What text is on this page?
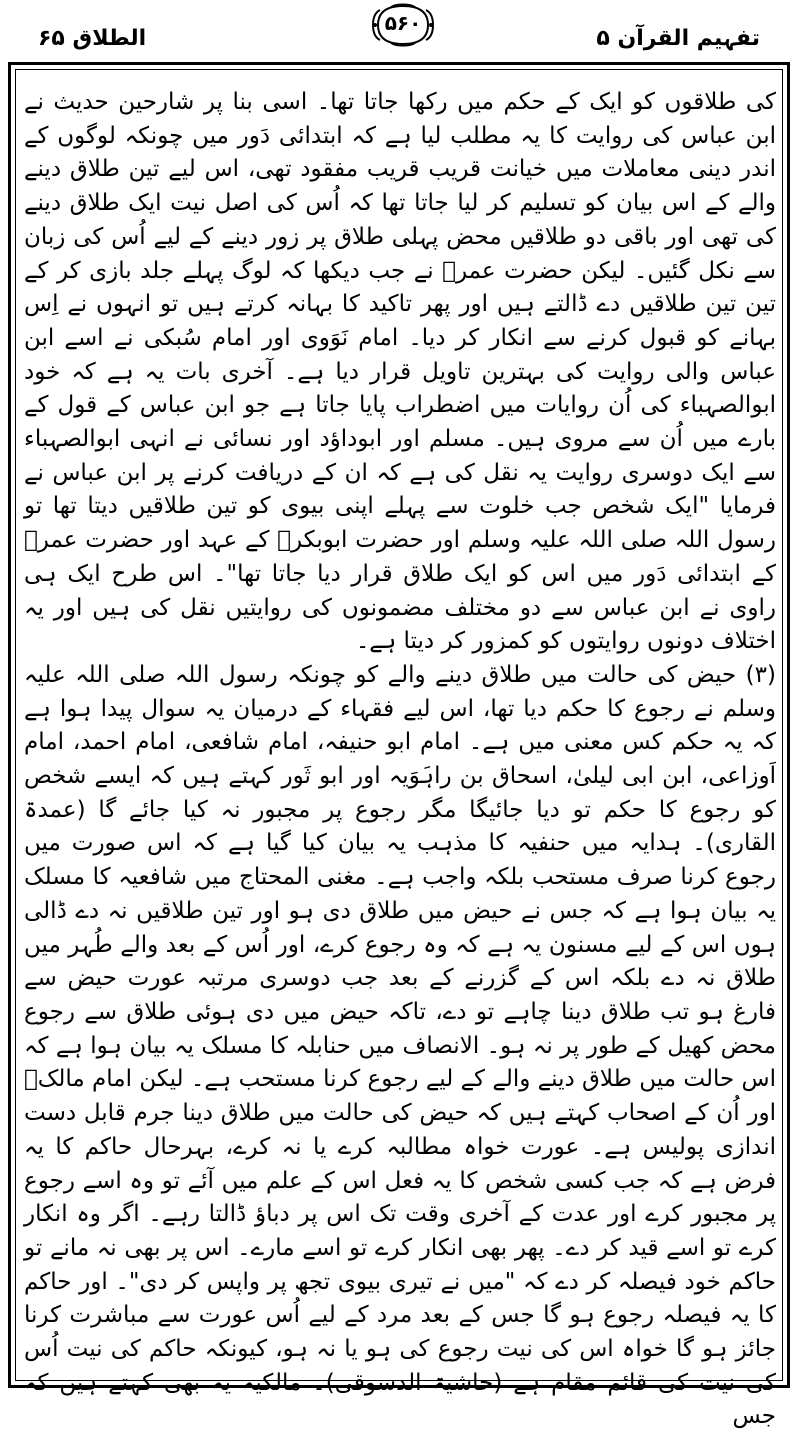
الطلاق ۶۵
۵۶۰
تفہیم القرآن ۵

کی طلاقوں کو ایک کے حکم میں رکھا جاتا تھا۔ اسی بنا پر شارحین حدیث نے ابن عباس کی روایت کا یہ مطلب لیا ہے کہ ابتدائی دَور میں چونکہ لوگوں کے اندر دینی معاملات میں خیانت قریب قریب مفقود تھی، اس لیے تین طلاق دینے والے کے اس بیان کو تسلیم کر لیا جاتا تھا کہ اُس کی اصل نیت ایک طلاق دینے کی تھی اور باقی دو طلاقیں محض پہلی طلاق پر زور دینے کے لیے اُس کی زبان سے نکل گئیں۔ لیکن حضرت عمرؓ نے جب دیکھا کہ لوگ پہلے جلد بازی کر کے تین تین طلاقیں دے ڈالتے ہیں اور پھر تاکید کا بہانہ کرتے ہیں تو انہوں نے اِس بہانے کو قبول کرنے سے انکار کر دیا۔ امام نَوَوی اور امام سُبکی نے اسے ابن عباس والی روایت کی بہترین تاویل قرار دیا ہے۔ آخری بات یہ ہے کہ خود ابوالصہباء کی اُن روایات میں اضطراب پایا جاتا ہے جو ابن عباس کے قول کے بارے میں اُن سے مروی ہیں۔ مسلم اور ابوداؤد اور نسائی نے انہی ابوالصہباء سے ایک دوسری روایت یہ نقل کی ہے کہ ان کے دریافت کرنے پر ابن عباس نے فرمایا "ایک شخص جب خلوت سے پہلے اپنی بیوی کو تین طلاقیں دیتا تھا تو رسول اللہ صلی اللہ علیہ وسلم اور حضرت ابوبکرؓ کے عہد اور حضرت عمرؓ کے ابتدائی دَور میں اس کو ایک طلاق قرار دیا جاتا تھا"۔ اس طرح ایک ہی راوی نے ابن عباس سے دو مختلف مضمونوں کی روایتیں نقل کی ہیں اور یہ اختلاف دونوں روایتوں کو کمزور کر دیتا ہے۔

(۳) حیض کی حالت میں طلاق دینے والے کو چونکہ رسول اللہ صلی اللہ علیہ وسلم نے رجوع کا حکم دیا تھا، اس لیے فقہاء کے درمیان یہ سوال پیدا ہوا ہے کہ یہ حکم کس معنی میں ہے۔ امام ابو حنیفہ، امام شافعی، امام احمد، امام اَوزاعی، ابن ابی لیلیٰ، اسحاق بن راہَوَیہ اور ابو ثَور کہتے ہیں کہ ایسے شخص کو رجوع کا حکم تو دیا جائیگا مگر رجوع پر مجبور نہ کیا جائے گا (عمدۃ القاری)۔ ہدایہ میں حنفیہ کا مذہب یہ بیان کیا گیا ہے کہ اس صورت میں رجوع کرنا صرف مستحب بلکہ واجب ہے۔ مغنی المحتاج میں شافعیہ کا مسلک یہ بیان ہوا ہے کہ جس نے حیض میں طلاق دی ہو اور تین طلاقیں نہ دے ڈالی ہوں اس کے لیے مسنون یہ ہے کہ وہ رجوع کرے، اور اُس کے بعد والے طُہر میں طلاق نہ دے بلکہ اس کے گزرنے کے بعد جب دوسری مرتبہ عورت حیض سے فارغ ہو تب طلاق دینا چاہے تو دے، تاکہ حیض میں دی ہوئی طلاق سے رجوع محض کھیل کے طور پر نہ ہو۔ الانصاف میں حنابلہ کا مسلک یہ بیان ہوا ہے کہ اس حالت میں طلاق دینے والے کے لیے رجوع کرنا مستحب ہے۔ لیکن امام مالکؒ اور اُن کے اصحاب کہتے ہیں کہ حیض کی حالت میں طلاق دینا جرم قابل دست اندازی پولیس ہے۔ عورت خواہ مطالبہ کرے یا نہ کرے، بہرحال حاکم کا یہ فرض ہے کہ جب کسی شخص کا یہ فعل اس کے علم میں آئے تو وہ اسے رجوع پر مجبور کرے اور عدت کے آخری وقت تک اس پر دباؤ ڈالتا رہے۔ اگر وہ انکار کرے تو اسے قید کر دے۔ پھر بھی انکار کرے تو اسے مارے۔ اس پر بھی نہ مانے تو حاکم خود فیصلہ کر دے کہ "میں نے تیری بیوی تجھ پر واپس کر دی"۔ اور حاکم کا یہ فیصلہ رجوع ہو گا جس کے بعد مرد کے لیے اُس عورت سے مباشرت کرنا جائز ہو گا خواہ اس کی نیت رجوع کی ہو یا نہ ہو، کیونکہ حاکم کی نیت اُس کی نیت کی قائم مقام ہے (حاشیۃ الدسوقی)۔ مالکیہ یہ بھی کہتے ہیں کہ جس
